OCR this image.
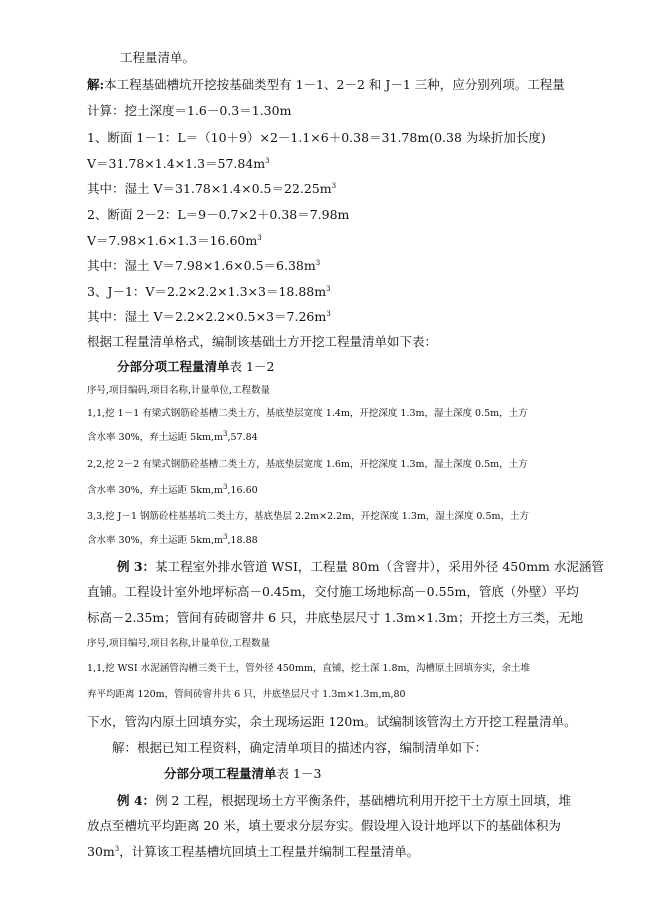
工程量清单。
解:本工程基础槽坑开挖按基础类型有 1－1、2－2 和 J－1 三种，应分别列项。工程量
计算：挖土深度＝1.6－0.3＝1.30m
1、断面 1－1：L＝（10＋9）×2－1.1×6＋0.38＝31.78m(0.38 为垛折加长度)
$V=31.78\times 1.4\times 1.3=57.84m^3$
其中：湿土 $V=31.78\times 1.4\times 0.5=22.25m^3$
2、断面 2－2：L＝9－0.7×2＋0.38＝7.98m
$V=7.98\times 1.6\times 1.3=16.60m^3$
其中：湿土 $V=7.98\times 1.6\times 0.5=6.38m^3$
3、J－1：$V=2.2\times 2.2\times 1.3\times 3=18.88m^3$
其中：湿土 $V=2.2\times 2.2\times 0.5\times 3=7.26m^3$
根据工程量清单格式，编制该基础土方开挖工程量清单如下表：
分部分项工程量清单表 1－2
序号,项目编码,项目名称,计量单位,工程数量
1,1,挖 1－1 有梁式钢筋砼基槽二类土方，基底垫层宽度 1.4m，开挖深度 1.3m，湿土深度 0.5m，土方
含水率 30%，弃土运距 $5km,m^3,57.84$
2,2,挖 2－2 有梁式钢筋砼基槽二类土方，基底垫层宽度 1.6m，开挖深度 1.3m，湿土深度 0.5m，土方
含水率 30%，弃土运距 $5km,m^3,16.60$
3,3,挖 J－1 钢筋砼柱基基坑二类土方，基底垫层 2.2m×2.2m，开挖深度 1.3m，湿土深度 0.5m，土方
含水率 30%，弃土运距 $5km,m^3,18.88$
例 3：某工程室外排水管道 WSI，工程量 80m（含窨井），采用外径 450mm 水泥涵管
直铺。工程设计室外地坪标高－0.45m，交付施工场地标高－0.55m，管底（外壁）平均
标高－2.35m；管间有砖砌窨井 6 只，井底垫层尺寸 1.3m×1.3m；开挖土方三类，无地
序号,项目编号,项目名称,计量单位,工程数量
1,1,挖 WSI 水泥涵管沟槽三类干土，管外径 450mm，直铺，挖土深 1.8m，沟槽原土回填夯实，余土堆
弃平均距离 120m，管间砖窨井共 6 只，井底垫层尺寸 1.3m×1.3m,m,80
下水，管沟内原土回填夯实，余土现场运距 120m。试编制该管沟土方开挖工程量清单。
解：根据已知工程资料，确定清单项目的描述内容，编制清单如下：
分部分项工程量清单表 1－3
例 4：例 2 工程，根据现场土方平衡条件，基础槽坑利用开挖干土方原土回填，堆
放点至槽坑平均距离 20 米，填土要求分层夯实。假设埋入设计地坪以下的基础体积为
$30m^3$，计算该工程基槽坑回填土工程量并编制工程量清单。
